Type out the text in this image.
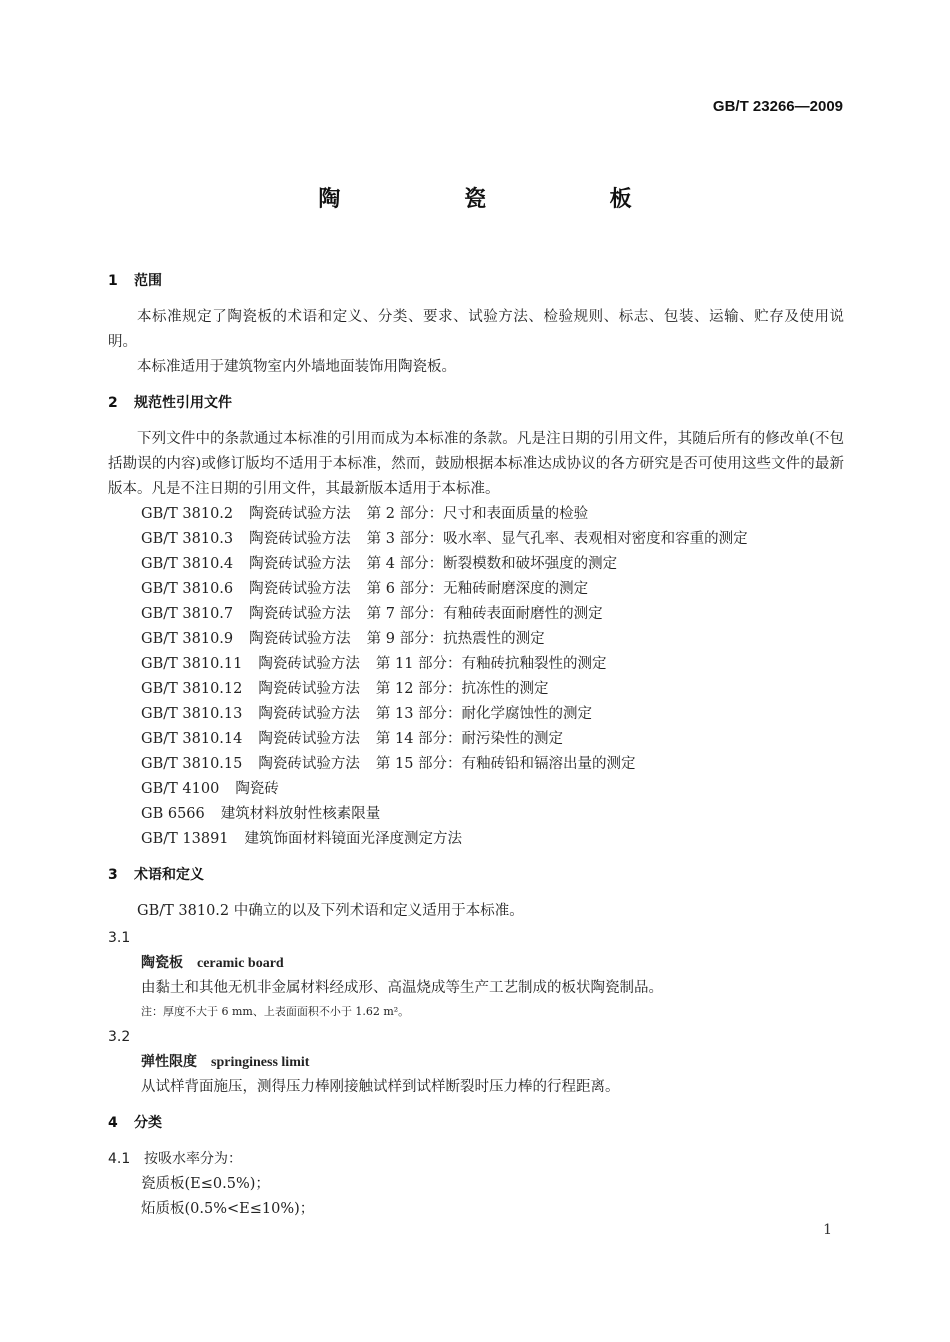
GB/T 23266—2009
陶 瓷 板
1 范围
本标准规定了陶瓷板的术语和定义、分类、要求、试验方法、检验规则、标志、包装、运输、贮存及使用说明。
本标准适用于建筑物室内外墙地面装饰用陶瓷板。
2 规范性引用文件
下列文件中的条款通过本标准的引用而成为本标准的条款。凡是注日期的引用文件，其随后所有的修改单(不包括勘误的内容)或修订版均不适用于本标准，然而，鼓励根据本标准达成协议的各方研究是否可使用这些文件的最新版本。凡是不注日期的引用文件，其最新版本适用于本标准。
GB/T 3810.2 陶瓷砖试验方法 第 2 部分：尺寸和表面质量的检验
GB/T 3810.3 陶瓷砖试验方法 第 3 部分：吸水率、显气孔率、表观相对密度和容重的测定
GB/T 3810.4 陶瓷砖试验方法 第 4 部分：断裂模数和破坏强度的测定
GB/T 3810.6 陶瓷砖试验方法 第 6 部分：无釉砖耐磨深度的测定
GB/T 3810.7 陶瓷砖试验方法 第 7 部分：有釉砖表面耐磨性的测定
GB/T 3810.9 陶瓷砖试验方法 第 9 部分：抗热震性的测定
GB/T 3810.11 陶瓷砖试验方法 第 11 部分：有釉砖抗釉裂性的测定
GB/T 3810.12 陶瓷砖试验方法 第 12 部分：抗冻性的测定
GB/T 3810.13 陶瓷砖试验方法 第 13 部分：耐化学腐蚀性的测定
GB/T 3810.14 陶瓷砖试验方法 第 14 部分：耐污染性的测定
GB/T 3810.15 陶瓷砖试验方法 第 15 部分：有釉砖铅和镉溶出量的测定
GB/T 4100 陶瓷砖
GB 6566 建筑材料放射性核素限量
GB/T 13891 建筑饰面材料镜面光泽度测定方法
3 术语和定义
GB/T 3810.2 中确立的以及下列术语和定义适用于本标准。
3.1
陶瓷板 ceramic board
由黏土和其他无机非金属材料经成形、高温烧成等生产工艺制成的板状陶瓷制品。
注：厚度不大于 6 mm、上表面面积不小于 1.62 m²。
3.2
弹性限度 springiness limit
从试样背面施压，测得压力棒刚接触试样到试样断裂时压力棒的行程距离。
4 分类
4.1 按吸水率分为：
瓷质板(E≤0.5%)；
炻质板(0.5%<E≤10%)；
1
